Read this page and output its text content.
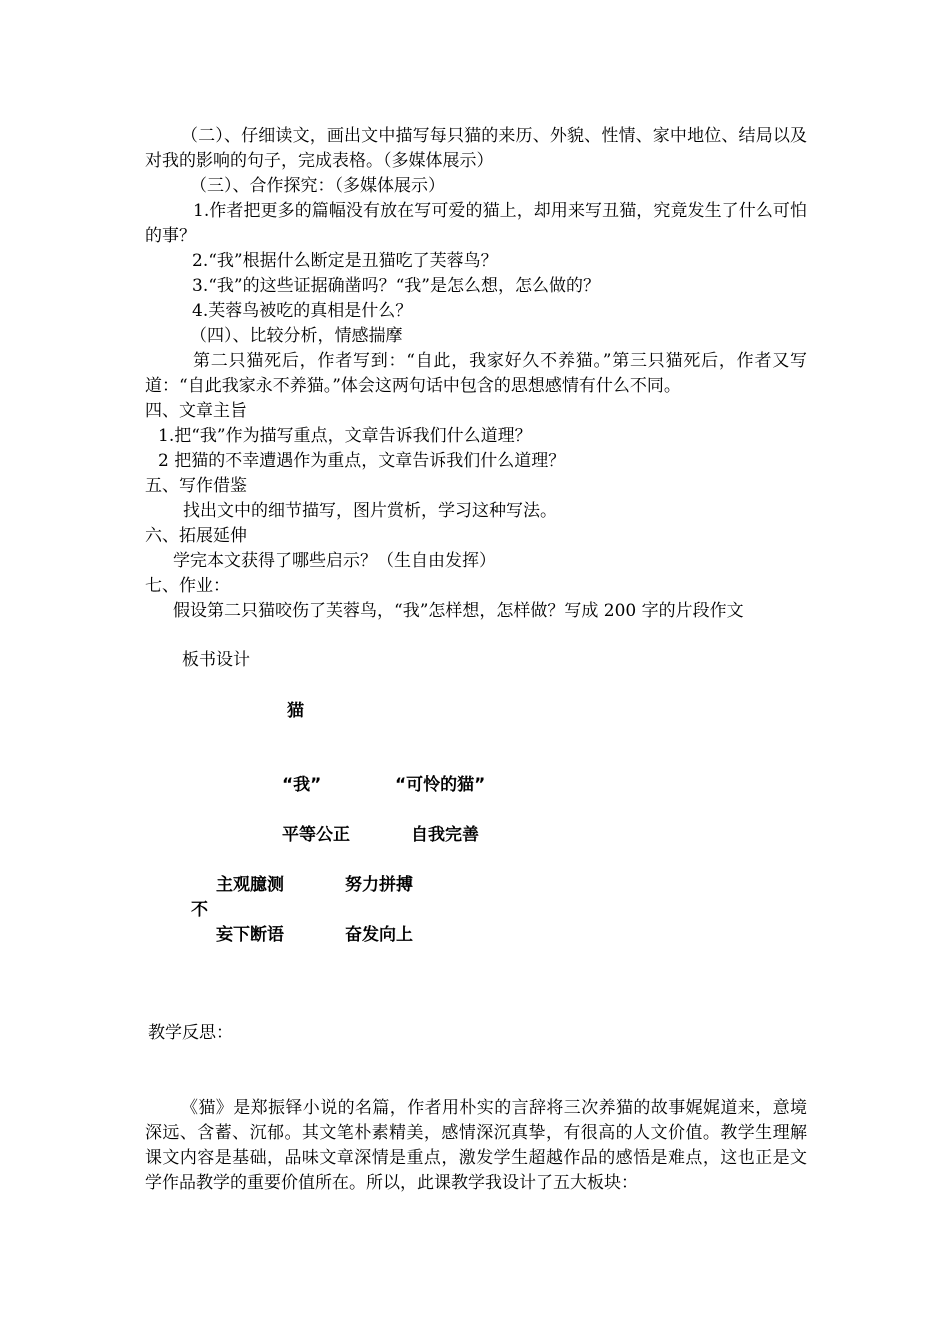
（二）、仔细读文，画出文中描写每只猫的来历、外貌、性情、家中地位、结局以及对我的影响的句子，完成表格。（多媒体展示）
（三）、合作探究：（多媒体展示）
1.作者把更多的篇幅没有放在写可爱的猫上，却用来写丑猫，究竟发生了什么可怕的事？
2.“我”根据什么断定是丑猫吃了芙蓉鸟？
3.“我”的这些证据确凿吗？“我”是怎么想，怎么做的？
4.芙蓉鸟被吃的真相是什么？
（四）、比较分析，情感揣摩
第二只猫死后，作者写到：“自此，我家好久不养猫。”第三只猫死后，作者又写道：“自此我家永不养猫。”体会这两句话中包含的思想感情有什么不同。
四、文章主旨
1.把“我”作为描写重点，文章告诉我们什么道理？
2 把猫的不幸遭遇作为重点，文章告诉我们什么道理？
五、写作借鉴
找出文中的细节描写，图片赏析，学习这种写法。
六、拓展延伸
学完本文获得了哪些启示？（生自由发挥）
七、作业：
假设第二只猫咬伤了芙蓉鸟，“我”怎样想，怎样做？写成 200 字的片段作文
板书设计
猫
“我”	“可怜的猫”
平等公正	自我完善
主观臆测	努力拼搏
不
妄下断语	奋发向上
教学反思：
《猫》是郑振铎小说的名篇，作者用朴实的言辞将三次养猫的故事娓娓道来，意境深远、含蓄、沉郁。其文笔朴素精美，感情深沉真挚，有很高的人文价值。教学生理解课文内容是基础，品味文章深情是重点，激发学生超越作品的感悟是难点，这也正是文学作品教学的重要价值所在。所以，此课教学我设计了五大板块：
